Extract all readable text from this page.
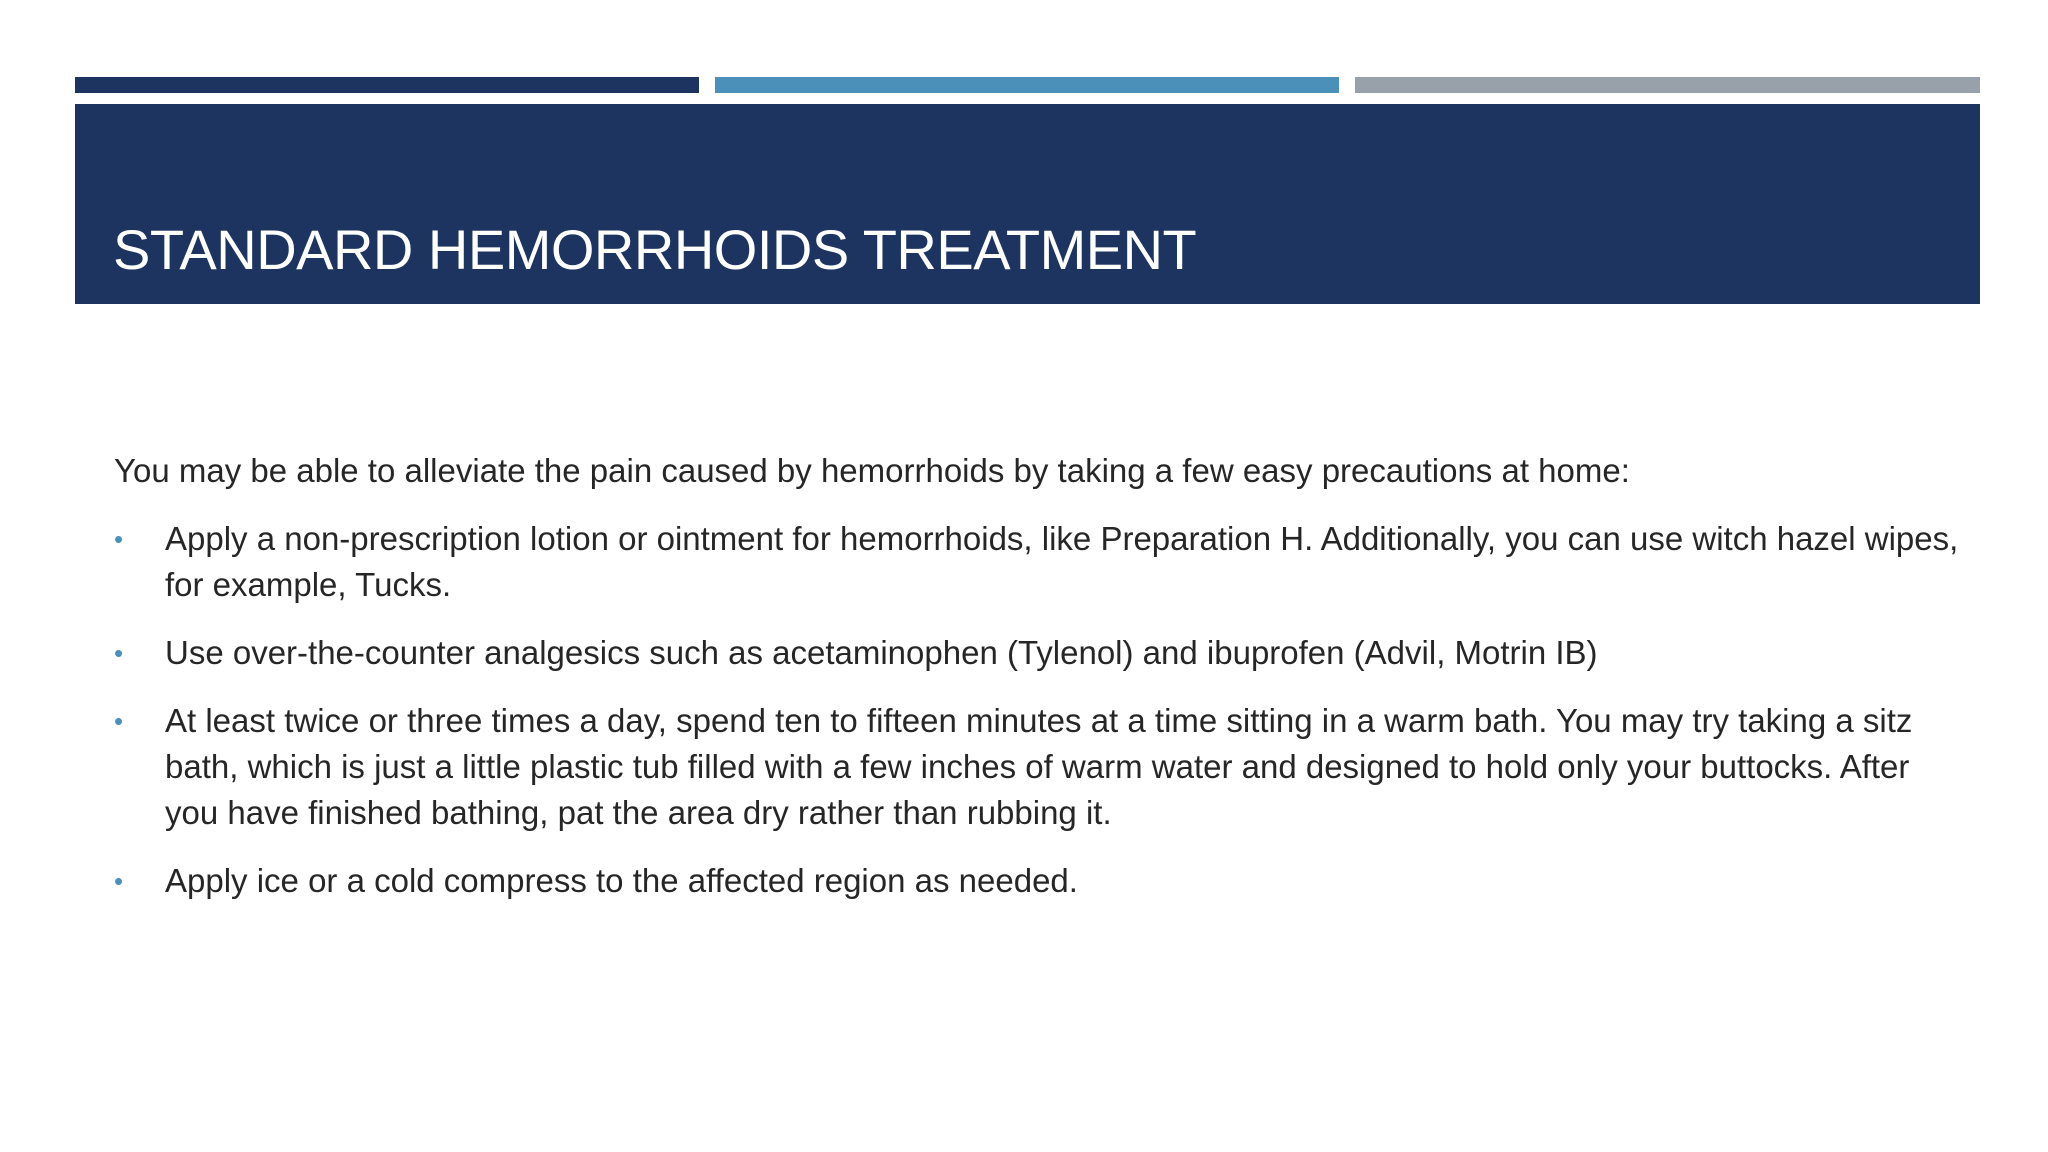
STANDARD HEMORRHOIDS TREATMENT

You may be able to alleviate the pain caused by hemorrhoids by taking a few easy precautions at home:

• Apply a non-prescription lotion or ointment for hemorrhoids, like Preparation H. Additionally, you can use witch hazel wipes, for example, Tucks.
• Use over-the-counter analgesics such as acetaminophen (Tylenol) and ibuprofen (Advil, Motrin IB)
• At least twice or three times a day, spend ten to fifteen minutes at a time sitting in a warm bath. You may try taking a sitz bath, which is just a little plastic tub filled with a few inches of warm water and designed to hold only your buttocks. After you have finished bathing, pat the area dry rather than rubbing it.
• Apply ice or a cold compress to the affected region as needed.
